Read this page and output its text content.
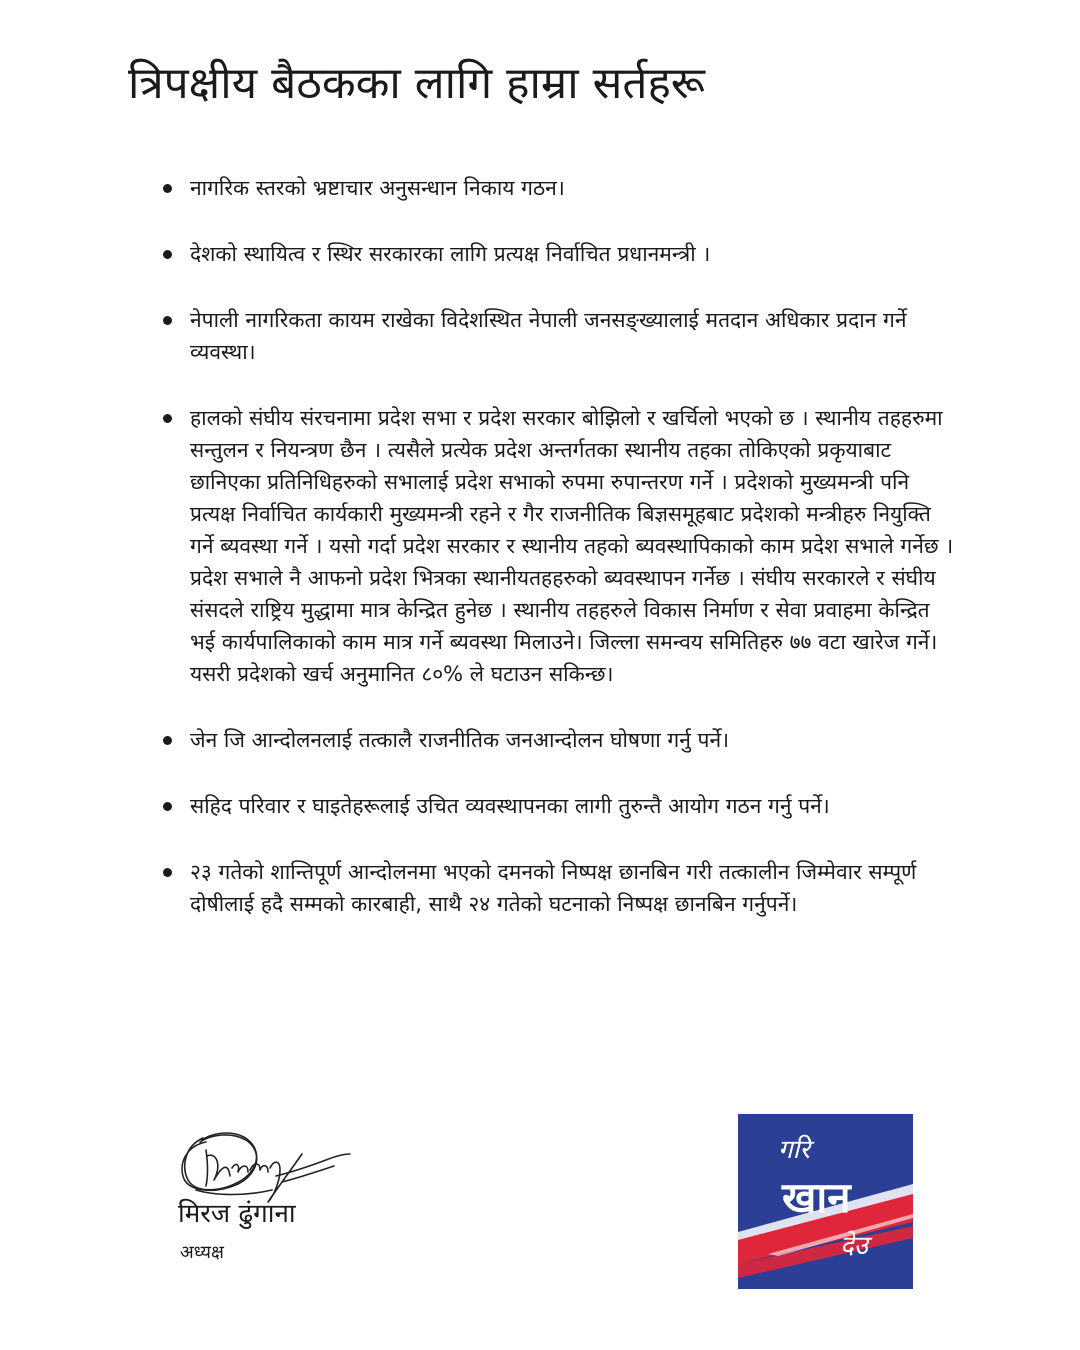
त्रिपक्षीय बैठकका लागि हाम्रा सर्तहरू
नागरिक स्तरको भ्रष्टाचार अनुसन्धान निकाय गठन।
देशको स्थायित्व र स्थिर सरकारका लागि प्रत्यक्ष निर्वाचित प्रधानमन्त्री ।
नेपाली नागरिकता कायम राखेका विदेशस्थित नेपाली जनसङ्ख्यालाई मतदान अधिकार प्रदान गर्ने व्यवस्था।
हालको संघीय संरचनामा प्रदेश सभा र प्रदेश सरकार बोझिलो र खर्चिलो भएको छ । स्थानीय तहहरुमा सन्तुलन र नियन्त्रण छैन । त्यसैले प्रत्येक प्रदेश अन्तर्गतका स्थानीय तहका तोकिएको प्रकृयाबाट छानिएका प्रतिनिधिहरुको सभालाई प्रदेश सभाको रुपमा रुपान्तरण गर्ने । प्रदेशको मुख्यमन्त्री पनि प्रत्यक्ष निर्वाचित कार्यकारी मुख्यमन्त्री रहने र गैर राजनीतिक बिज्ञसमूहबाट प्रदेशको मन्त्रीहरु नियुक्ति गर्ने ब्यवस्था गर्ने । यसो गर्दा प्रदेश सरकार र स्थानीय तहको ब्यवस्थापिकाको काम प्रदेश सभाले गर्नेछ । प्रदेश सभाले नै आफनो प्रदेश भित्रका स्थानीयतहहरुको ब्यवस्थापन गर्नेछ । संघीय सरकारले र संघीय संसदले राष्ट्रिय मुद्धामा मात्र केन्द्रित हुनेछ । स्थानीय तहहरुले विकास निर्माण र सेवा प्रवाहमा केन्द्रित भई कार्यपालिकाको काम मात्र गर्ने ब्यवस्था मिलाउने। जिल्ला समन्वय समितिहरु ७७ वटा खारेज गर्ने। यसरी प्रदेशको खर्च अनुमानित ८०% ले घटाउन सकिन्छ।
जेन जि आन्दोलनलाई तत्कालै राजनीतिक जनआन्दोलन घोषणा गर्नु पर्ने।
सहिद परिवार र घाइतेहरूलाई उचित व्यवस्थापनका लागी तुरुन्तै आयोग गठन गर्नु पर्ने।
२३ गतेको शान्तिपूर्ण आन्दोलनमा भएको दमनको निष्पक्ष छानबिन गरी तत्कालीन जिम्मेवार सम्पूर्ण दोषीलाई हदै सम्मको कारबाही, साथै २४ गतेको घटनाको निष्पक्ष छानबिन गर्नुपर्ने।
मिरज ढुंगाना
अध्यक्ष
गरि
खान
देउ
